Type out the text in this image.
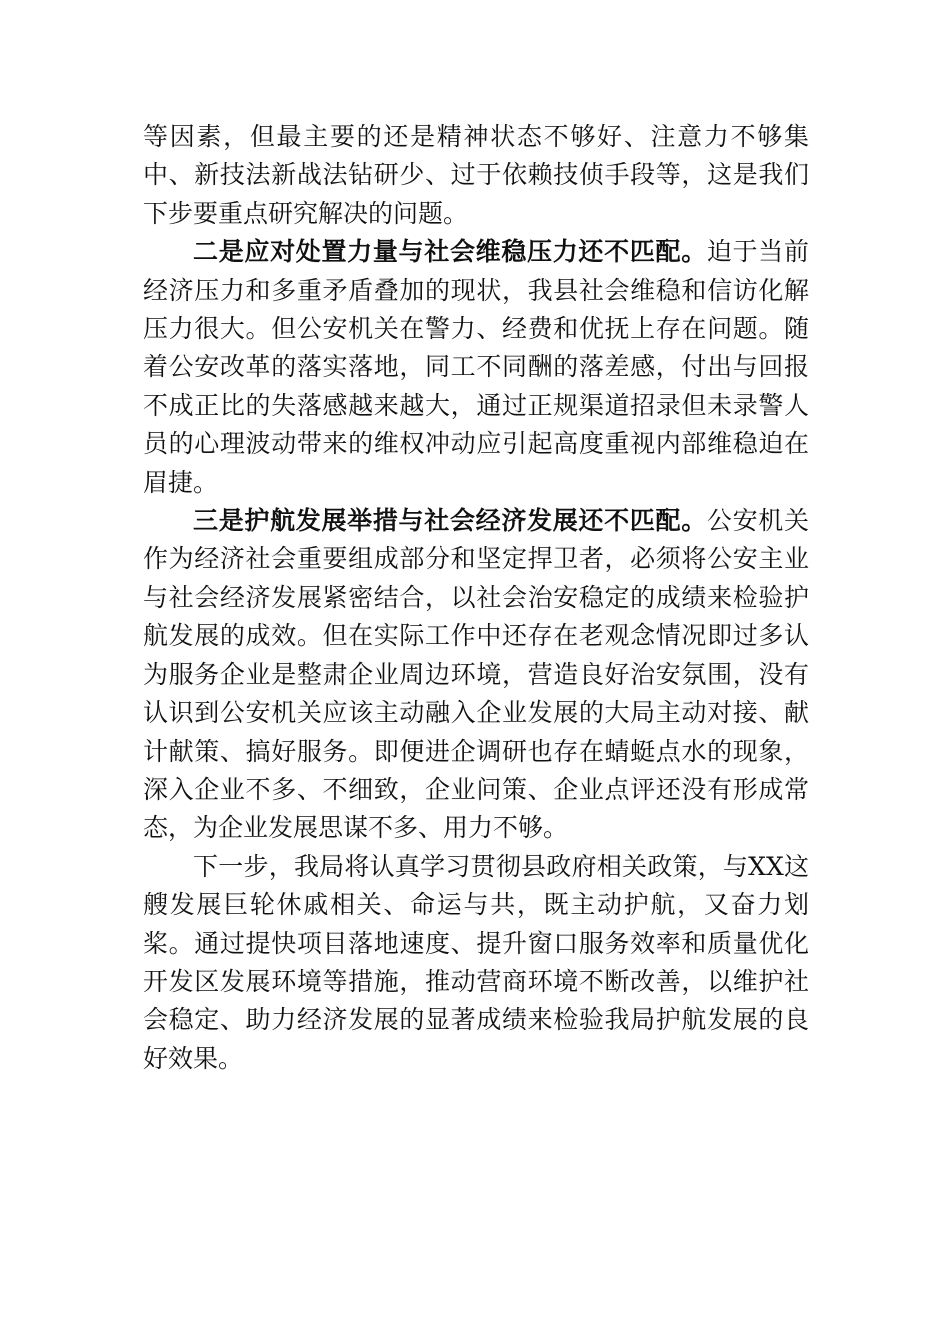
等因素，但最主要的还是精神状态不够好、注意力不够集中、新技法新战法钻研少、过于依赖技侦手段等，这是我们下步要重点研究解决的问题。

二是应对处置力量与社会维稳压力还不匹配。迫于当前经济压力和多重矛盾叠加的现状，我县社会维稳和信访化解压力很大。但公安机关在警力、经费和优抚上存在问题。随着公安改革的落实落地，同工不同酬的落差感，付出与回报不成正比的失落感越来越大，通过正规渠道招录但未录警人员的心理波动带来的维权冲动应引起高度重视内部维稳迫在眉捷。

三是护航发展举措与社会经济发展还不匹配。公安机关作为经济社会重要组成部分和坚定捍卫者，必须将公安主业与社会经济发展紧密结合，以社会治安稳定的成绩来检验护航发展的成效。但在实际工作中还存在老观念情况即过多认为服务企业是整肃企业周边环境，营造良好治安氛围，没有认识到公安机关应该主动融入企业发展的大局主动对接、献计献策、搞好服务。即便进企调研也存在蜻蜓点水的现象，深入企业不多、不细致，企业问策、企业点评还没有形成常态，为企业发展思谋不多、用力不够。

下一步，我局将认真学习贯彻县政府相关政策，与XX这艘发展巨轮休戚相关、命运与共，既主动护航，又奋力划桨。通过提快项目落地速度、提升窗口服务效率和质量优化开发区发展环境等措施，推动营商环境不断改善，以维护社会稳定、助力经济发展的显著成绩来检验我局护航发展的良好效果。
